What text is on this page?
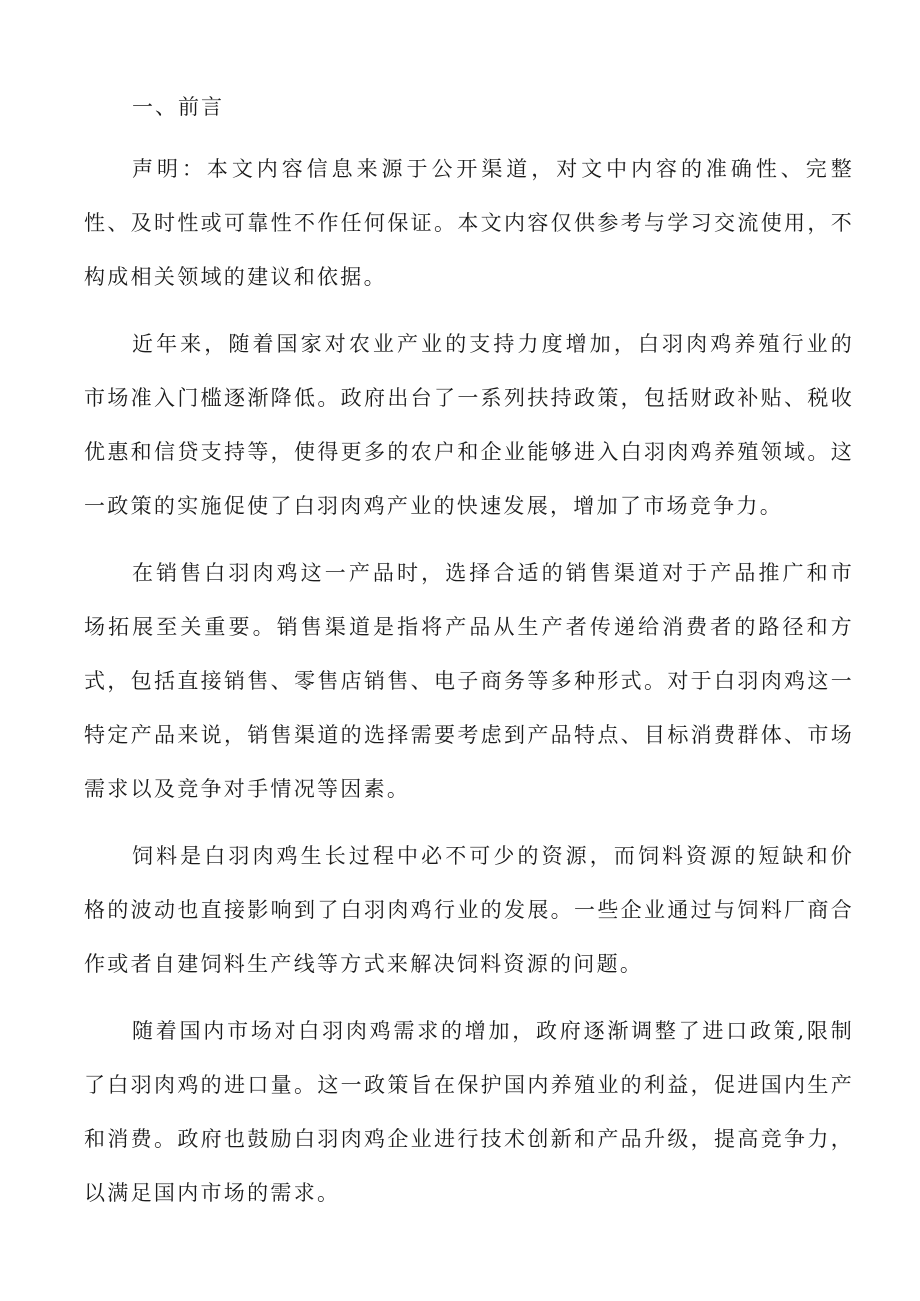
一、前言

声明：本文内容信息来源于公开渠道，对文中内容的准确性、完整性、及时性或可靠性不作任何保证。本文内容仅供参考与学习交流使用，不构成相关领域的建议和依据。

近年来，随着国家对农业产业的支持力度增加，白羽肉鸡养殖行业的市场准入门槛逐渐降低。政府出台了一系列扶持政策，包括财政补贴、税收优惠和信贷支持等，使得更多的农户和企业能够进入白羽肉鸡养殖领域。这一政策的实施促使了白羽肉鸡产业的快速发展，增加了市场竞争力。

在销售白羽肉鸡这一产品时，选择合适的销售渠道对于产品推广和市场拓展至关重要。销售渠道是指将产品从生产者传递给消费者的路径和方式，包括直接销售、零售店销售、电子商务等多种形式。对于白羽肉鸡这一特定产品来说，销售渠道的选择需要考虑到产品特点、目标消费群体、市场需求以及竞争对手情况等因素。

饲料是白羽肉鸡生长过程中必不可少的资源，而饲料资源的短缺和价格的波动也直接影响到了白羽肉鸡行业的发展。一些企业通过与饲料厂商合作或者自建饲料生产线等方式来解决饲料资源的问题。

随着国内市场对白羽肉鸡需求的增加，政府逐渐调整了进口政策,限制了白羽肉鸡的进口量。这一政策旨在保护国内养殖业的利益，促进国内生产和消费。政府也鼓励白羽肉鸡企业进行技术创新和产品升级，提高竞争力，以满足国内市场的需求。
